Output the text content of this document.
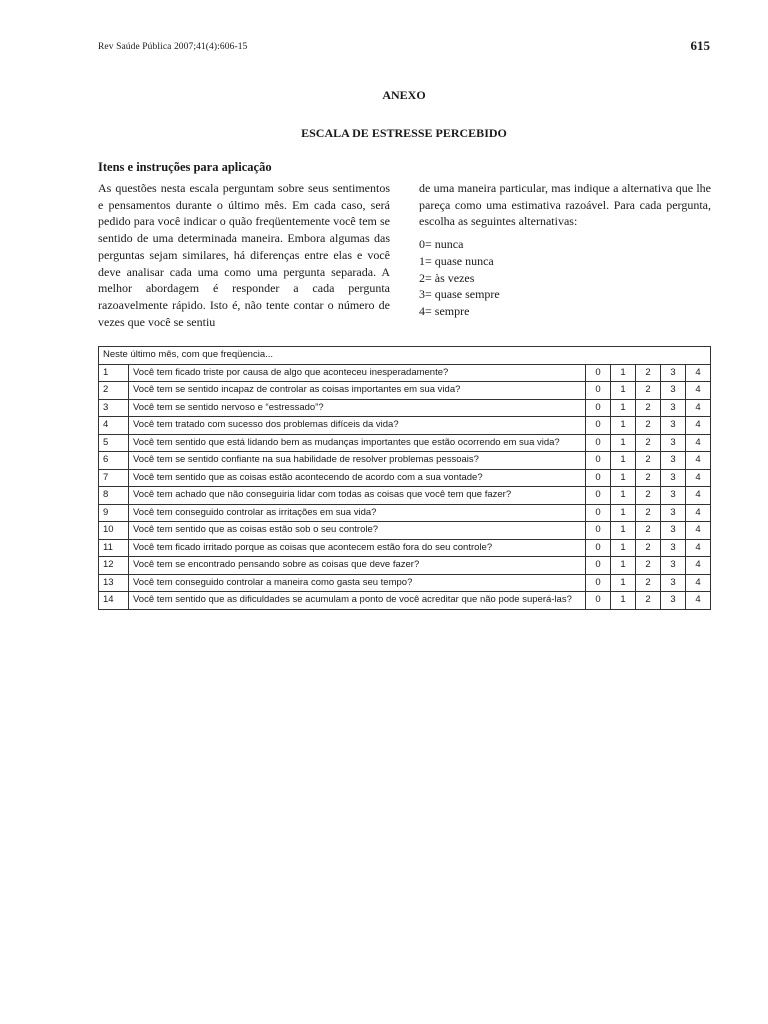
Rev Saúde Pública 2007;41(4):606-15	615
ANEXO
ESCALA DE ESTRESSE PERCEBIDO
Itens e instruções para aplicação
As questões nesta escala perguntam sobre seus sentimentos e pensamentos durante o último mês. Em cada caso, será pedido para você indicar o quão freqüentemente você tem se sentido de uma determinada maneira. Embora algumas das perguntas sejam similares, há diferenças entre elas e você deve analisar cada uma como uma pergunta separada. A melhor abordagem é responder a cada pergunta razoavelmente rápido. Isto é, não tente contar o número de vezes que você se sentiu
de uma maneira particular, mas indique a alternativa que lhe pareça como uma estimativa razoável. Para cada pergunta, escolha as seguintes alternativas:
0= nunca
1= quase nunca
2= às vezes
3= quase sempre
4= sempre
Neste último mês, com que freqüencia...						
1	Você tem ficado triste por causa de algo que aconteceu inesperadamente?	0	1	2	3	4
2	Você tem se sentido incapaz de controlar as coisas importantes em sua vida?	0	1	2	3	4
3	Você tem se sentido nervoso e “estressado”?	0	1	2	3	4
4	Você tem tratado com sucesso dos problemas difíceis da vida?	0	1	2	3	4
5	Você tem sentido que está lidando bem as mudanças importantes que estão ocorrendo em sua vida?	0	1	2	3	4
6	Você tem se sentido confiante na sua habilidade de resolver problemas pessoais?	0	1	2	3	4
7	Você tem sentido que as coisas estão acontecendo de acordo com a sua vontade?	0	1	2	3	4
8	Você tem achado que não conseguiria lidar com todas as coisas que você tem que fazer?	0	1	2	3	4
9	Você tem conseguido controlar as irritações em sua vida?	0	1	2	3	4
10	Você tem sentido que as coisas estão sob o seu controle?	0	1	2	3	4
11	Você tem ficado irritado porque as coisas que acontecem estão fora do seu controle?	0	1	2	3	4
12	Você tem se encontrado pensando sobre as coisas que deve fazer?	0	1	2	3	4
13	Você tem conseguido controlar a maneira como gasta seu tempo?	0	1	2	3	4
14	Você tem sentido que as dificuldades se acumulam a ponto de você acreditar que não pode superá-las?	0	1	2	3	4
